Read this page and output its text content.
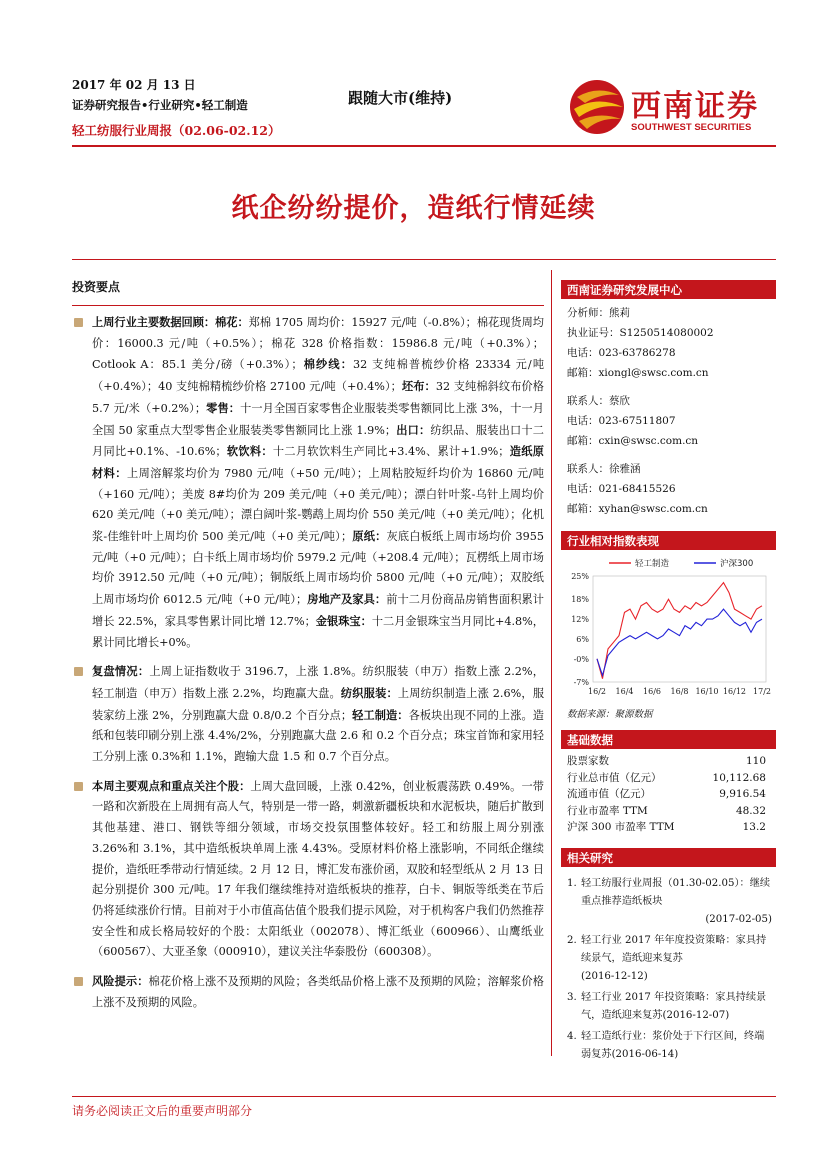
2017 年 02 月 13 日
证券研究报告•行业研究•轻工制造
轻工纺服行业周报（02.06-02.12）
跟随大市(维持)	西南证券
SOUTHWEST SECURITIES
纸企纷纷提价，造纸行情延续
投资要点
上周行业主要数据回顾：棉花：郑棉 1705 周均价：15927 元/吨（-0.8%）；棉花现货周均价：16000.3 元/吨（+0.5%）；棉花 328 价格指数：15986.8 元/吨（+0.3%）；Cotlook A：85.1 美分/磅（+0.3%）；棉纱线：32 支纯棉普梳纱价格 23334 元/吨（+0.4%）；40 支纯棉精梳纱价格 27100 元/吨（+0.4%）；坯布：32 支纯棉斜纹布价格 5.7 元/米（+0.2%）；零售：十一月全国百家零售企业服装类零售额同比上涨 3%，十一月全国 50 家重点大型零售企业服装类零售额同比上涨 1.9%；出口：纺织品、服装出口十二月同比+0.1%、-10.6%；软饮料：十二月软饮料生产同比+3.4%、累计+1.9%；造纸原材料：上周溶解浆均价为 7980 元/吨（+50 元/吨）；上周粘胶短纤均价为 16860 元/吨（+160 元/吨）；美废 8#均价为 209 美元/吨（+0 美元/吨）；漂白针叶浆-乌针上周均价 620 美元/吨（+0 美元/吨）；漂白阔叶浆-鹦鹉上周均价 550 美元/吨（+0 美元/吨）；化机浆-佳维针叶上周均价 500 美元/吨（+0 美元/吨）；原纸：灰底白板纸上周市场均价 3955 元/吨（+0 元/吨）；白卡纸上周市场均价 5979.2 元/吨（+208.4 元/吨）；瓦楞纸上周市场均价 3912.50 元/吨（+0 元/吨）；铜版纸上周市场均价 5800 元/吨（+0 元/吨）；双胶纸上周市场均价 6012.5 元/吨（+0 元/吨）；房地产及家具：前十二月份商品房销售面积累计增长 22.5%，家具零售累计同比增 12.7%；金银珠宝：十二月金银珠宝当月同比+4.8%，累计同比增长+0%。
复盘情况：上周上证指数收于 3196.7，上涨 1.8%。纺织服装（申万）指数上涨 2.2%，轻工制造（申万）指数上涨 2.2%，均跑赢大盘。纺织服装：上周纺织制造上涨 2.6%，服装家纺上涨 2%，分别跑赢大盘 0.8/0.2 个百分点；轻工制造：各板块出现不同的上涨。造纸和包装印刷分别上涨 4.4%/2%，分别跑赢大盘 2.6 和 0.2 个百分点；珠宝首饰和家用轻工分别上涨 0.3%和 1.1%，跑输大盘 1.5 和 0.7 个百分点。
本周主要观点和重点关注个股：上周大盘回暖，上涨 0.42%，创业板震荡跌 0.49%。一带一路和次新股在上周拥有高人气，特别是一带一路，刺激新疆板块和水泥板块，随后扩散到其他基建、港口、钢铁等细分领域，市场交投氛围整体较好。轻工和纺服上周分别涨 3.26%和 3.1%，其中造纸板块单周上涨 4.43%。受原材料价格上涨影响，不同纸企继续提价，造纸旺季带动行情延续。2 月 12 日，博汇发布涨价函，双胶和轻型纸从 2 月 13 日起分别提价 300 元/吨。17 年我们继续维持对造纸板块的推荐，白卡、铜版等纸类在节后仍将延续涨价行情。目前对于小市值高估值个股我们提示风险，对于机构客户我们仍然推荐安全性和成长格局较好的个股：太阳纸业（002078）、博汇纸业（600966）、山鹰纸业（600567）、大亚圣象（000910），建议关注华泰股份（600308）。
风险提示：棉花价格上涨不及预期的风险；各类纸品价格上涨不及预期的风险；溶解浆价格上涨不及预期的风险。
西南证券研究发展中心
分析师：熊莉
执业证号：S1250514080002
电话：023-63786278
邮箱：xiongl@swsc.com.cn
联系人：蔡欣
电话：023-67511807
邮箱：cxin@swsc.com.cn
联系人：徐雅涵
电话：021-68415526
邮箱：xyhan@swsc.com.cn
行业相对指数表现
25%
18%
12%
6%
-0%
-7%
16/2 16/4 16/6 16/8 16/10 16/12 17/2
轻工制造	沪深300
数据来源：聚源数据
基础数据
股票家数	110
行业总市值（亿元）	10,112.68
流通市值（亿元）	9,916.54
行业市盈率 TTM	48.32
沪深 300 市盈率 TTM	13.2
相关研究
1. 轻工纺服行业周报（01.30-02.05）：继续重点推荐造纸板块
(2017-02-05)
2. 轻工行业 2017 年年度投资策略：家具持续景气，造纸迎来复苏
(2016-12-12)
3. 轻工行业 2017 年投资策略：家具持续景气，造纸迎来复苏(2016-12-07)
4. 轻工造纸行业：浆价处于下行区间，终端弱复苏(2016-06-14)
请务必阅读正文后的重要声明部分
